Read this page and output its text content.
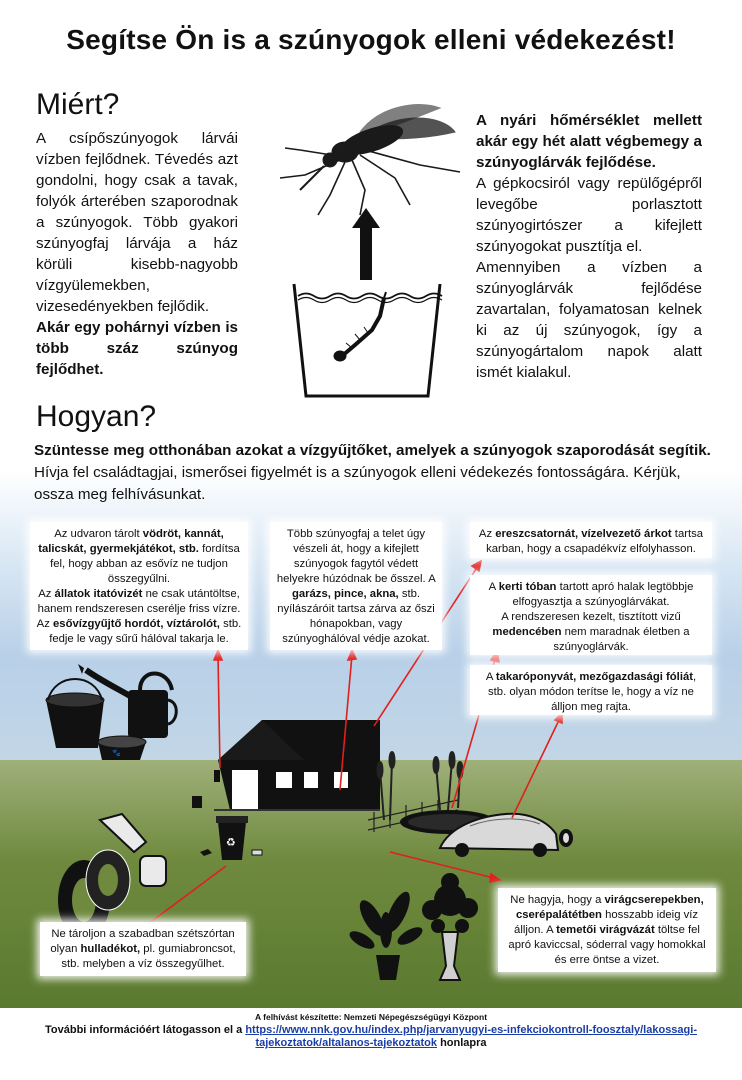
Segítse Ön is a szúnyogok elleni védekezést!
Miért?
A csípőszúnyogok lárvái vízben fejlődnek. Tévedés azt gondolni, hogy csak a tavak, folyók árterében szaporodnak a szúnyogok. Több gyakori szúnyogfaj lárvája a ház körüli kisebb-nagyobb vízgyülemekben, vizesedényekben fejlődik.
Akár egy pohárnyi vízben is több száz szúnyog fejlődhet.

A nyári hőmérséklet mellett akár egy hét alatt végbemegy a szúnyoglárvák fejlődése.

A gépkocsiról vagy repülőgépről levegőbe porlasztott szúnyogirtószer a kifejlett szúnyogokat pusztítja el.

Amennyiben a vízben a szúnyoglárvák fejlődése zavartalan, folyamatosan kelnek ki az új szúnyogok, így a szúnyogártalom napok alatt ismét kialakul.

Hogyan?

Szüntesse meg otthonában azokat a vízgyűjtőket, amelyek a szúnyogok szaporodását segítik.

Hívja fel családtagjai, ismerősei figyelmét is a szúnyogok elleni védekezés fontosságára. Kérjük, ossza meg felhívásunkat.

🐾
♻
Az udvaron tárolt vödröt, kannát, talicskát, gyermekjátékot, stb. fordítsa fel, hogy abban az esővíz ne tudjon összegyűlni.
Az állatok itatóvizét ne csak utántöltse, hanem rendszeresen cserélje friss vízre.
Az esővízgyűjtő hordót, víztárolót, stb. fedje le vagy sűrű hálóval takarja le.
Több szúnyogfaj a telet úgy vészeli át, hogy a kifejlett szúnyogok fagytól védett helyekre húzódnak be ősszel. A garázs, pince, akna, stb. nyílászáróit tartsa zárva az őszi hónapokban, vagy szúnyoghálóval védje azokat.
Az ereszcsatornát, vízelvezető árkot tartsa karban, hogy a csapadékvíz elfolyhasson.
A kerti tóban tartott apró halak legtöbbje elfogyasztja a szúnyoglárvákat.
A rendszeresen kezelt, tisztított vizű medencében nem maradnak életben a szúnyoglárvák.
A takaróponyvát, mezőgazdasági fóliát, stb. olyan módon terítse le, hogy a víz ne álljon meg rajta.
Ne tároljon a szabadban szétszórtan olyan hulladékot, pl. gumiabroncsot, stb. melyben a víz összegyűlhet.
Ne hagyja, hogy a virágcserepekben, cserépalátétben hosszabb ideig víz álljon. A temetői virágvázát töltse fel apró kaviccsal, sóderral vagy homokkal és erre öntse a vizet.
A felhívást készítette: Nemzeti Népegészségügyi Központ
További információért látogasson el a https://www.nnk.gov.hu/index.php/jarvanyugyi-es-infekciokontroll-foosztaly/lakossagi-tajekoztatok/altalanos-tajekoztatok honlapra
